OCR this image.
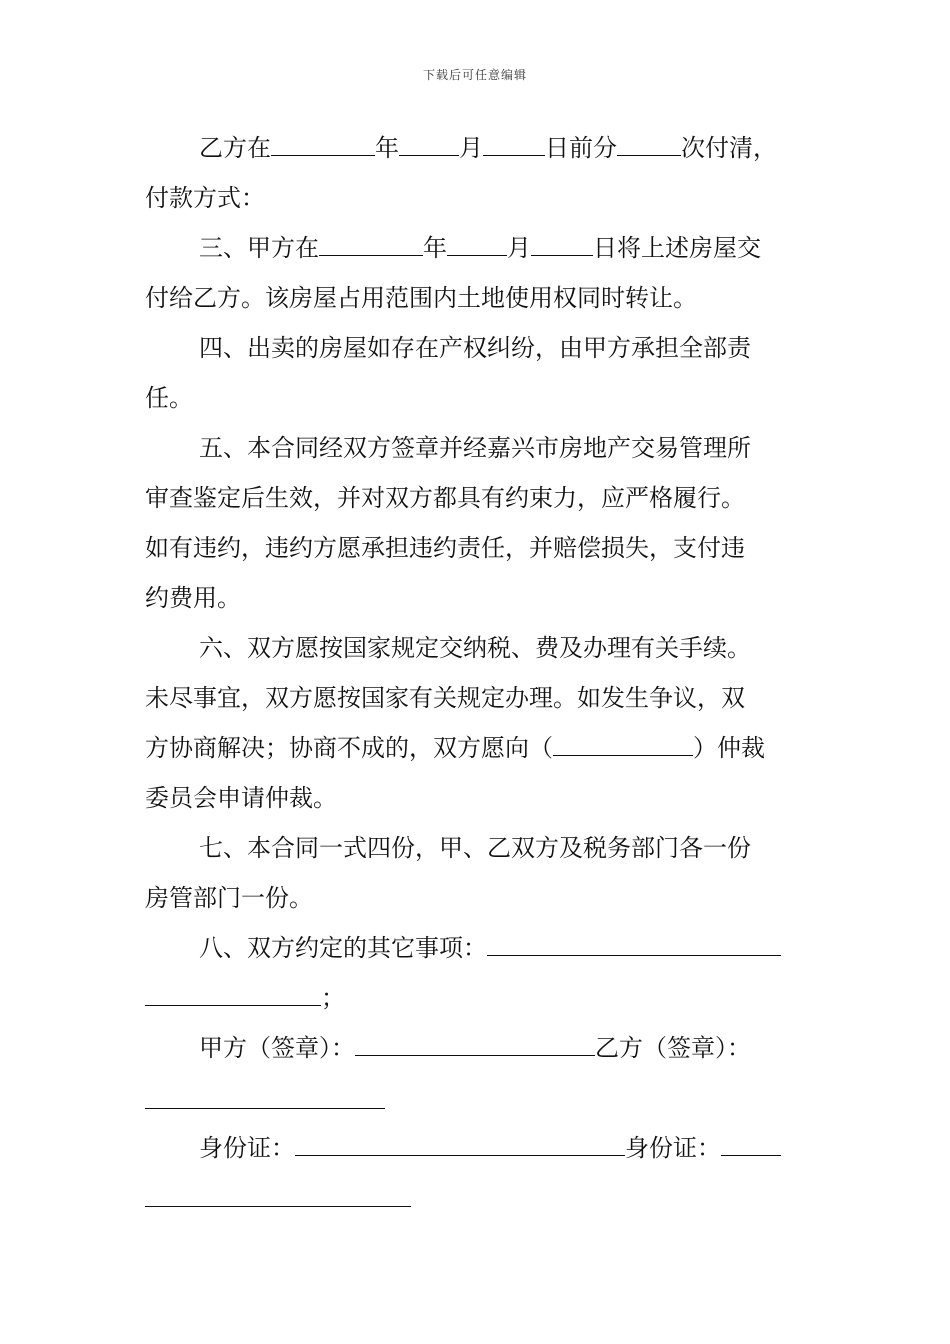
下载后可任意编辑
乙方在	年	月	日前分	次付清，
付款方式：
三、甲方在	年	月	日将上述房屋交
付给乙方。该房屋占用范围内土地使用权同时转让。
四、出卖的房屋如存在产权纠纷，由甲方承担全部责
任。
五、本合同经双方签章并经嘉兴市房地产交易管理所
审查鉴定后生效，并对双方都具有约束力，应严格履行。
如有违约，违约方愿承担违约责任，并赔偿损失，支付违
约费用。
六、双方愿按国家规定交纳税、费及办理有关手续。
未尽事宜，双方愿按国家有关规定办理。如发生争议，双
方协商解决；协商不成的，双方愿向（	）仲裁
委员会申请仲裁。
七、本合同一式四份，甲、乙双方及税务部门各一份
房管部门一份。
八、双方约定的其它事项：
；
甲方（签章）：	乙方（签章）：
身份证：	身份证：
